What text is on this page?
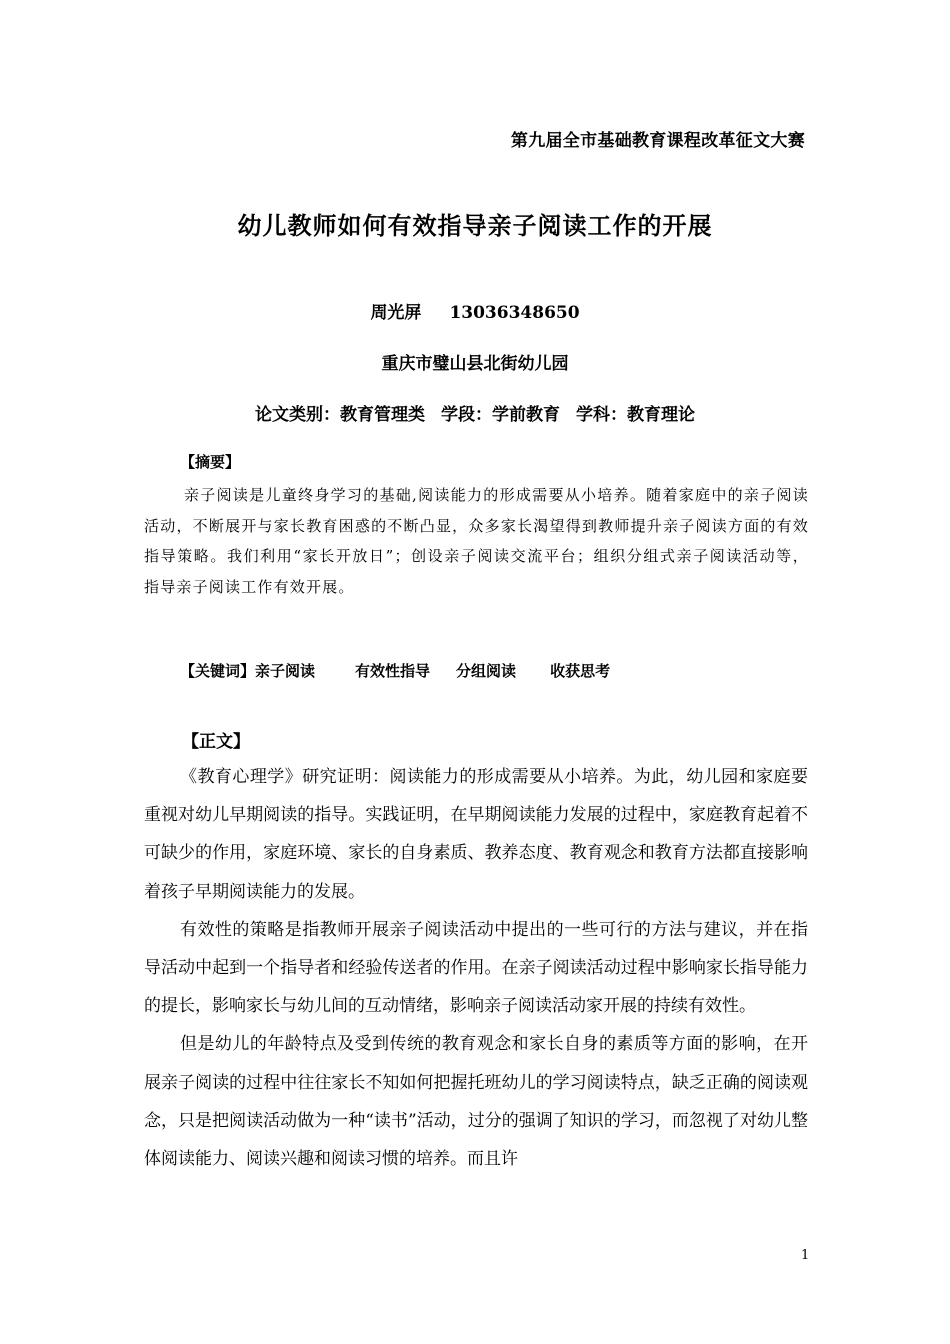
第九届全市基础教育课程改革征文大赛
幼儿教师如何有效指导亲子阅读工作的开展
周光屏 13036348650
重庆市璧山县北街幼儿园
论文类别：教育管理类 学段：学前教育 学科：教育理论
【摘要】
亲子阅读是儿童终身学习的基础,阅读能力的形成需要从小培养。随着家庭中的亲子阅读活动，不断展开与家长教育困惑的不断凸显，众多家长渴望得到教师提升亲子阅读方面的有效指导策略。我们利用“家长开放日”；创设亲子阅读交流平台；组织分组式亲子阅读活动等，指导亲子阅读工作有效开展。
【关键词】亲子阅读	有效性指导 分组阅读 收获思考
【正文】

《教育心理学》研究证明：阅读能力的形成需要从小培养。为此，幼儿园和家庭要重视对幼儿早期阅读的指导。实践证明，在早期阅读能力发展的过程中，家庭教育起着不可缺少的作用，家庭环境、家长的自身素质、教养态度、教育观念和教育方法都直接影响着孩子早期阅读能力的发展。

有效性的策略是指教师开展亲子阅读活动中提出的一些可行的方法与建议，并在指导活动中起到一个指导者和经验传送者的作用。在亲子阅读活动过程中影响家长指导能力的提长，影响家长与幼儿间的互动情绪，影响亲子阅读活动家开展的持续有效性。

但是幼儿的年龄特点及受到传统的教育观念和家长自身的素质等方面的影响，在开展亲子阅读的过程中往往家长不知如何把握托班幼儿的学习阅读特点，缺乏正确的阅读观念，只是把阅读活动做为一种“读书”活动，过分的强调了知识的学习，而忽视了对幼儿整体阅读能力、阅读兴趣和阅读习惯的培养。而且许

1
